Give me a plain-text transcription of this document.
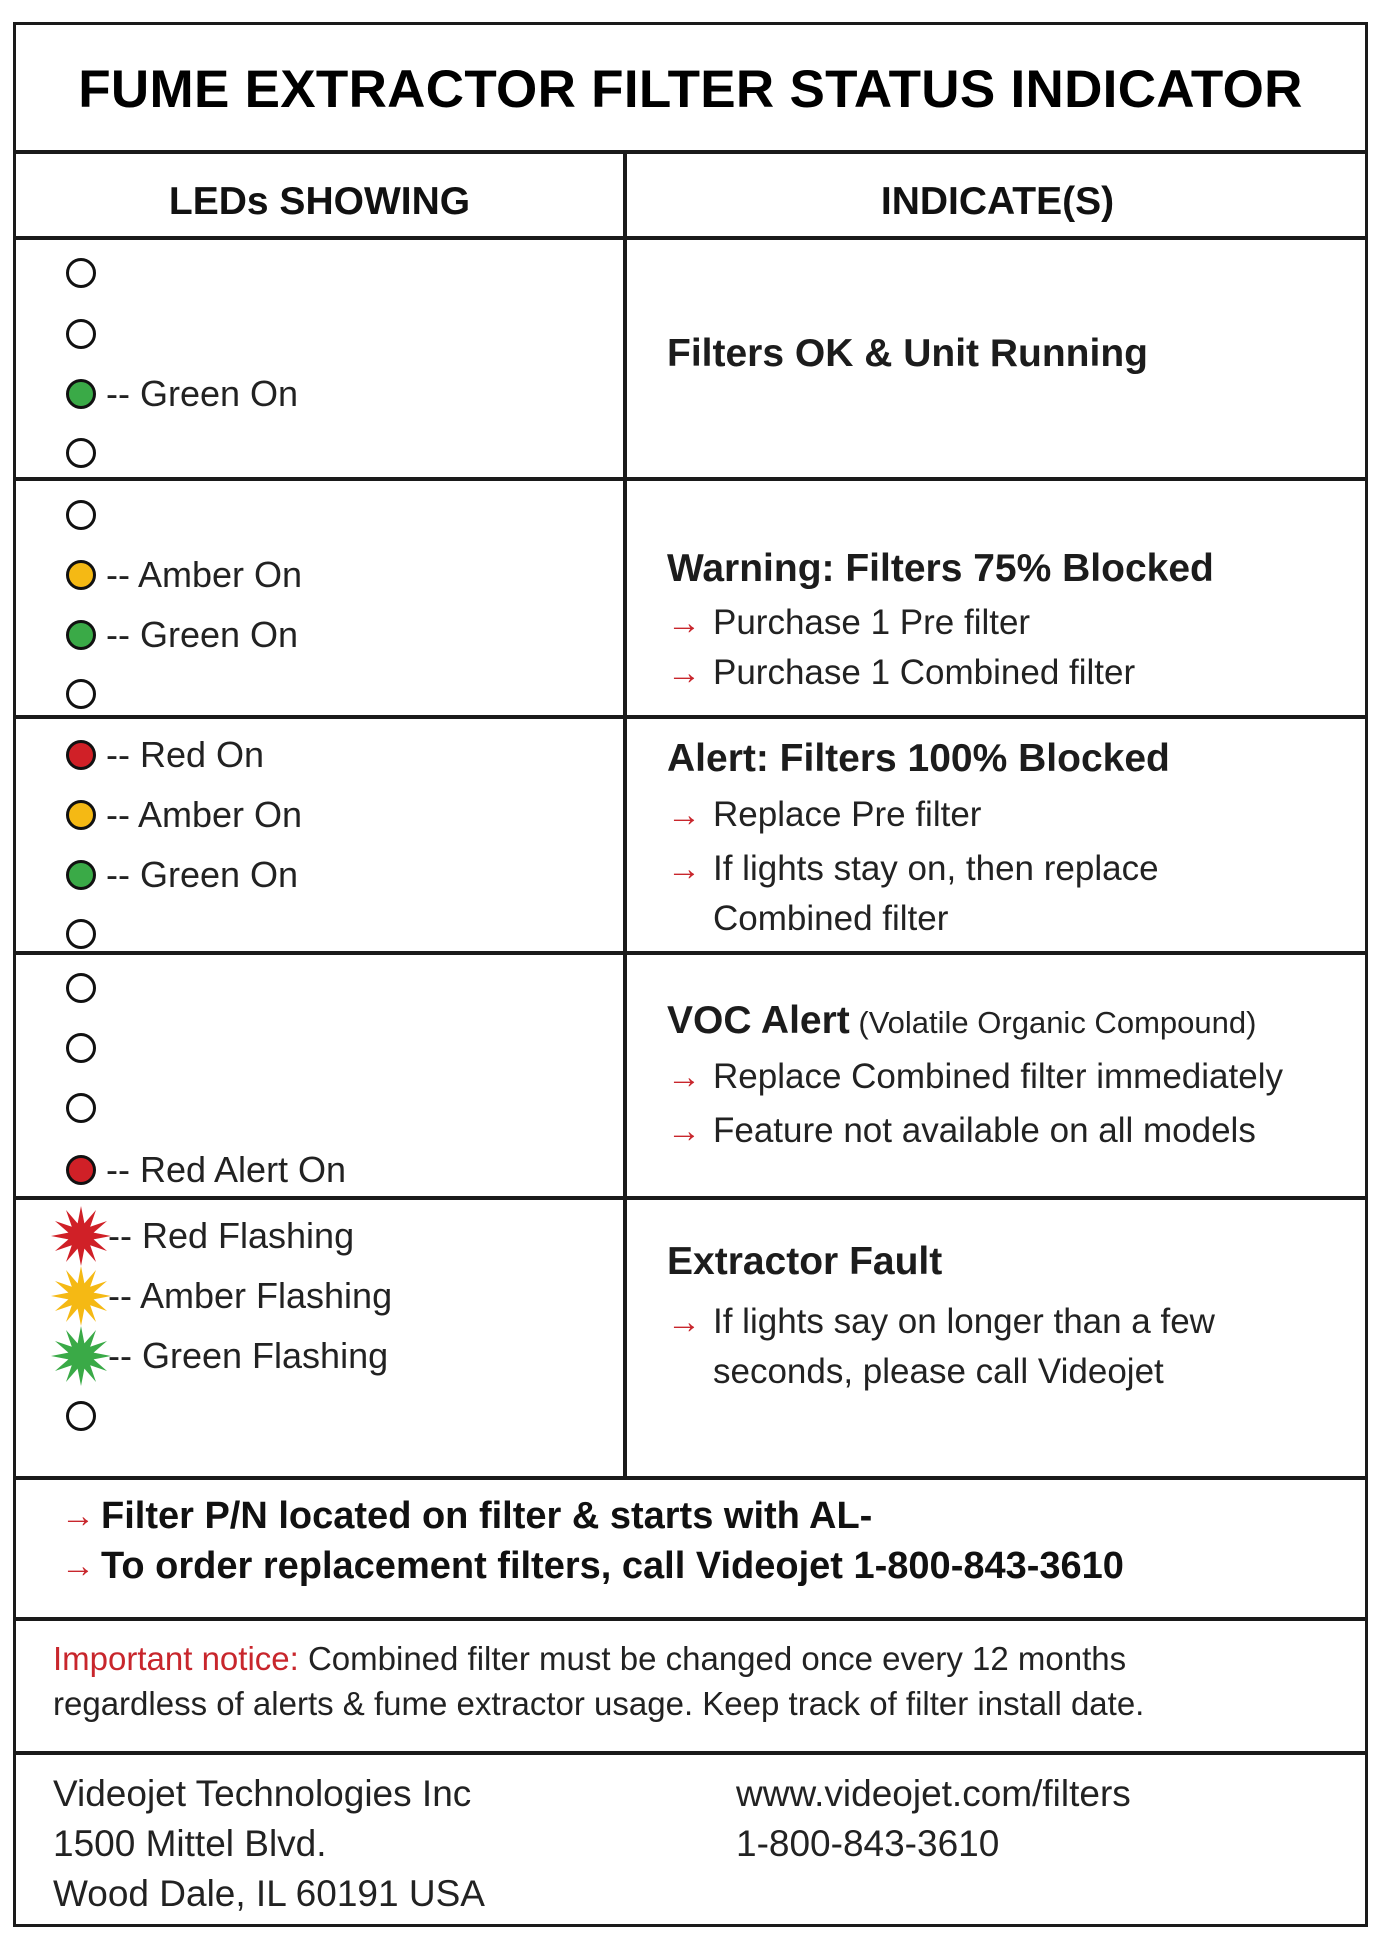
FUME EXTRACTOR FILTER STATUS INDICATOR
LEDs SHOWING	INDICATE(S)
-- Green On
Filters OK & Unit Running
-- Amber On
-- Green On
Warning: Filters 75% Blocked
→ Purchase 1 Pre filter
→ Purchase 1 Combined filter
-- Red On
-- Amber On
-- Green On
Alert: Filters 100% Blocked
→ Replace Pre filter
→ If lights stay on, then replace
Combined filter
-- Red Alert On
VOC Alert (Volatile Organic Compound)
→ Replace Combined filter immediately
→ Feature not available on all models
-- Red Flashing
-- Amber Flashing
-- Green Flashing
Extractor Fault
→ If lights say on longer than a few
seconds, please call Videojet
→ Filter P/N located on filter & starts with AL-
→ To order replacement filters, call Videojet 1-800-843-3610
Important notice: Combined filter must be changed once every 12 months
regardless of alerts & fume extractor usage. Keep track of filter install date.
Videojet Technologies Inc
1500 Mittel Blvd.
Wood Dale, IL 60191 USA
www.videojet.com/filters
1-800-843-3610
